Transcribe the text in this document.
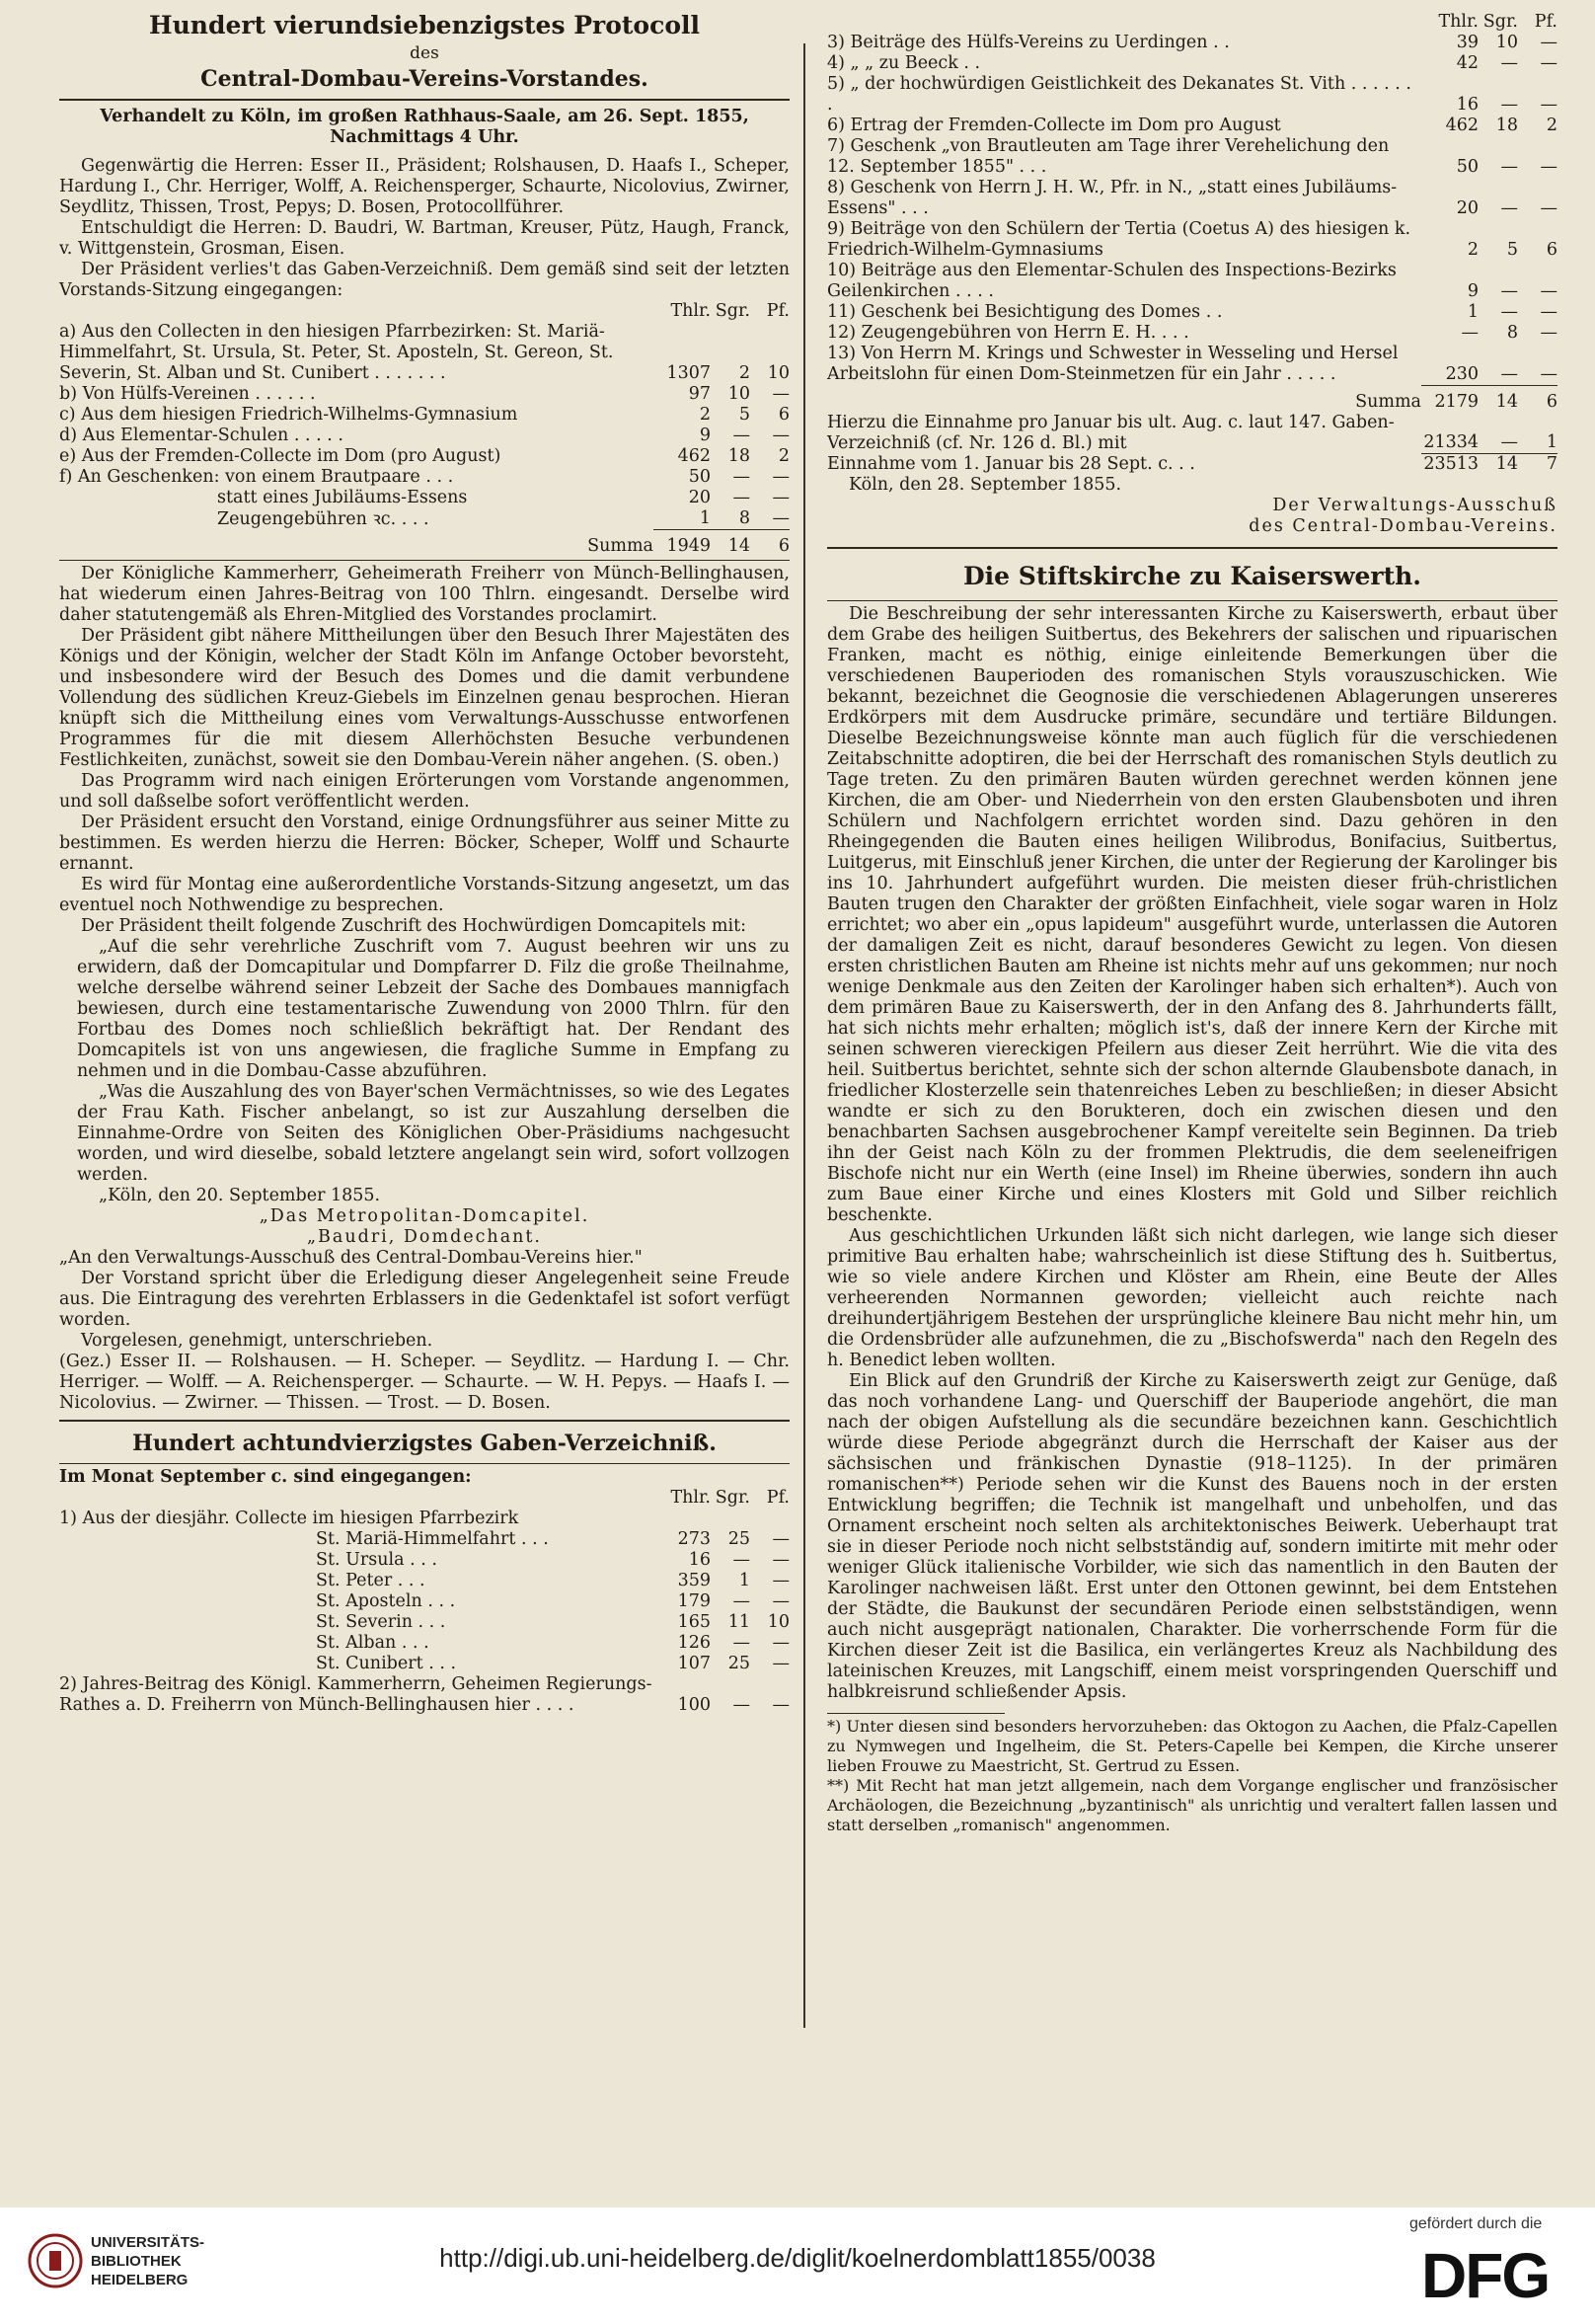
Hundert vierundsiebenzigstes Protocoll
des
Central-Dombau-Vereins-Vorstandes.
Verhandelt zu Köln, im großen Rathhaus-Saale, am 26. Sept. 1855,
Nachmittags 4 Uhr.

Gegenwärtig die Herren: Esser II., Präsident; Rolshausen, D. Haafs I., Scheper, Hardung I., Chr. Herriger, Wolff, A. Reichensperger, Schaurte, Nicolovius, Zwirner, Seydlitz, Thissen, Trost, Pepys; D. Bosen, Protocollführer.

Entschuldigt die Herren: D. Baudri, W. Bartman, Kreuser, Pütz, Haugh, Franck, v. Wittgenstein, Grosman, Eisen.

Der Präsident verlies't das Gaben-Verzeichniß. Dem gemäß sind seit der letzten Vorstands-Sitzung eingegangen:

	Thlr.	Sgr.	Pf.
a) Aus den Collecten in den hiesigen Pfarrbezirken: St. Mariä-Himmelfahrt, St. Ursula, St. Peter, St. Aposteln, St. Gereon, St. Severin, St. Alban und St. Cunibert . . . . . . .	1307	2	10
b) Von Hülfs-Vereinen . . . . . .	97	10	—
c) Aus dem hiesigen Friedrich-Wilhelms-Gymnasium	2	5	6
d) Aus Elementar-Schulen . . . . .	9	—	—
e) Aus der Fremden-Collecte im Dom (pro August)	462	18	2
f) An Geschenken: von einem Brautpaare . . .	50	—	—
statt eines Jubiläums-Essens	20	—	—
Zeugengebühren ꝛc. . . .	1	8	—
Summa	1949	14	6

Der Königliche Kammerherr, Geheimerath Freiherr von Münch-Bellinghausen, hat wiederum einen Jahres-Beitrag von 100 Thlrn. eingesandt. Derselbe wird daher statutengemäß als Ehren-Mitglied des Vorstandes proclamirt.

Der Präsident gibt nähere Mittheilungen über den Besuch Ihrer Majestäten des Königs und der Königin, welcher der Stadt Köln im Anfange October bevorsteht, und insbesondere wird der Besuch des Domes und die damit verbundene Vollendung des südlichen Kreuz-Giebels im Einzelnen genau besprochen. Hieran knüpft sich die Mittheilung eines vom Verwaltungs-Ausschusse entworfenen Programmes für die mit diesem Allerhöchsten Besuche verbundenen Festlichkeiten, zunächst, soweit sie den Dombau-Verein näher angehen. (S. oben.)

Das Programm wird nach einigen Erörterungen vom Vorstande angenommen, und soll daßselbe sofort veröffentlicht werden.

Der Präsident ersucht den Vorstand, einige Ordnungsführer aus seiner Mitte zu bestimmen. Es werden hierzu die Herren: Böcker, Scheper, Wolff und Schaurte ernannt.

Es wird für Montag eine außerordentliche Vorstands-Sitzung angesetzt, um das eventuel noch Nothwendige zu besprechen.

Der Präsident theilt folgende Zuschrift des Hochwürdigen Domcapitels mit:

„Auf die sehr verehrliche Zuschrift vom 7. August beehren wir uns zu erwidern, daß der Domcapitular und Dompfarrer D. Filz die große Theilnahme, welche derselbe während seiner Lebzeit der Sache des Dombaues mannigfach bewiesen, durch eine testamentarische Zuwendung von 2000 Thlrn. für den Fortbau des Domes noch schließlich bekräftigt hat. Der Rendant des Domcapitels ist von uns angewiesen, die fragliche Summe in Empfang zu nehmen und in die Dombau-Casse abzuführen.

„Was die Auszahlung des von Bayer'schen Vermächtnisses, so wie des Legates der Frau Kath. Fischer anbelangt, so ist zur Auszahlung derselben die Einnahme-Ordre von Seiten des Königlichen Ober-Präsidiums nachgesucht worden, und wird dieselbe, sobald letztere angelangt sein wird, sofort vollzogen werden.

„Köln, den 20. September 1855.

„Das Metropolitan-Domcapitel.
„Baudri, Domdechant.

„An den Verwaltungs-Ausschuß des Central-Dombau-Vereins hier."

Der Vorstand spricht über die Erledigung dieser Angelegenheit seine Freude aus. Die Eintragung des verehrten Erblassers in die Gedenktafel ist sofort verfügt worden.

Vorgelesen, genehmigt, unterschrieben.

(Gez.) Esser II. — Rolshausen. — H. Scheper. — Seydlitz. — Hardung I. — Chr. Herriger. — Wolff. — A. Reichensperger. — Schaurte. — W. H. Pepys. — Haafs I. — Nicolovius. — Zwirner. — Thissen. — Trost. — D. Bosen.

Hundert achtundvierzigstes Gaben-Verzeichniß.
Im Monat September c. sind eingegangen:
	Thlr.	Sgr.	Pf.
1) Aus der diesjähr. Collecte im hiesigen Pfarrbezirk			
St. Mariä-Himmelfahrt . . .	273	25	—
St. Ursula . . .	16	—	—
St. Peter . . .	359	1	—
St. Aposteln . . .	179	—	—
St. Severin . . .	165	11	10
St. Alban . . .	126	—	—
St. Cunibert . . .	107	25	—
2) Jahres-Beitrag des Königl. Kammerherrn, Geheimen Regierungs-Rathes a. D. Freiherrn von Münch-Bellinghausen hier . . . .	100	—	—
	Thlr.	Sgr.	Pf.
3) Beiträge des Hülfs-Vereins zu Uerdingen . .	39	10	—
4) „ „ zu Beeck . .	42	—	—
5) „ der hochwürdigen Geistlichkeit des Dekanates St. Vith . . . . . . .	16	—	—
6) Ertrag der Fremden-Collecte im Dom pro August	462	18	2
7) Geschenk „von Brautleuten am Tage ihrer Verehelichung den 12. September 1855" . . .	50	—	—
8) Geschenk von Herrn J. H. W., Pfr. in N., „statt eines Jubiläums-Essens" . . .	20	—	—
9) Beiträge von den Schülern der Tertia (Coetus A) des hiesigen k. Friedrich-Wilhelm-Gymnasiums	2	5	6
10) Beiträge aus den Elementar-Schulen des Inspections-Bezirks Geilenkirchen . . . .	9	—	—
11) Geschenk bei Besichtigung des Domes . .	1	—	—
12) Zeugengebühren von Herrn E. H. . . .	—	8	—
13) Von Herrn M. Krings und Schwester in Wesseling und Hersel Arbeitslohn für einen Dom-Steinmetzen für ein Jahr . . . . .	230	—	—
Summa	2179	14	6
Hierzu die Einnahme pro Januar bis ult. Aug. c. laut 147. Gaben-Verzeichniß (cf. Nr. 126 d. Bl.) mit	21334	—	1
Einnahme vom 1. Januar bis 28 Sept. c. . .	23513	14	7
Köln, den 28. September 1855.
Der Verwaltungs-Ausschuß
des Central-Dombau-Vereins.
Die Stiftskirche zu Kaiserswerth.

Die Beschreibung der sehr interessanten Kirche zu Kaiserswerth, erbaut über dem Grabe des heiligen Suitbertus, des Bekehrers der salischen und ripuarischen Franken, macht es nöthig, einige einleitende Bemerkungen über die verschiedenen Bauperioden des romanischen Styls vorauszuschicken. Wie bekannt, bezeichnet die Geognosie die verschiedenen Ablagerungen unsereres Erdkörpers mit dem Ausdrucke primäre, secundäre und tertiäre Bildungen. Dieselbe Bezeichnungsweise könnte man auch füglich für die verschiedenen Zeitabschnitte adoptiren, die bei der Herrschaft des romanischen Styls deutlich zu Tage treten. Zu den primären Bauten würden gerechnet werden können jene Kirchen, die am Ober- und Niederrhein von den ersten Glaubensboten und ihren Schülern und Nachfolgern errichtet worden sind. Dazu gehören in den Rheingegenden die Bauten eines heiligen Wilibrodus, Bonifacius, Suitbertus, Luitgerus, mit Einschluß jener Kirchen, die unter der Regierung der Karolinger bis ins 10. Jahrhundert aufgeführt wurden. Die meisten dieser früh-christlichen Bauten trugen den Charakter der größten Einfachheit, viele sogar waren in Holz errichtet; wo aber ein „opus lapideum" ausgeführt wurde, unterlassen die Autoren der damaligen Zeit es nicht, darauf besonderes Gewicht zu legen. Von diesen ersten christlichen Bauten am Rheine ist nichts mehr auf uns gekommen; nur noch wenige Denkmale aus den Zeiten der Karolinger haben sich erhalten*). Auch von dem primären Baue zu Kaiserswerth, der in den Anfang des 8. Jahrhunderts fällt, hat sich nichts mehr erhalten; möglich ist's, daß der innere Kern der Kirche mit seinen schweren viereckigen Pfeilern aus dieser Zeit herrührt. Wie die vita des heil. Suitbertus berichtet, sehnte sich der schon alternde Glaubensbote danach, in friedlicher Klosterzelle sein thatenreiches Leben zu beschließen; in dieser Absicht wandte er sich zu den Borukteren, doch ein zwischen diesen und den benachbarten Sachsen ausgebrochener Kampf vereitelte sein Beginnen. Da trieb ihn der Geist nach Köln zu der frommen Plektrudis, die dem seeleneifrigen Bischofe nicht nur ein Werth (eine Insel) im Rheine überwies, sondern ihn auch zum Baue einer Kirche und eines Klosters mit Gold und Silber reichlich beschenkte.

Aus geschichtlichen Urkunden läßt sich nicht darlegen, wie lange sich dieser primitive Bau erhalten habe; wahrscheinlich ist diese Stiftung des h. Suitbertus, wie so viele andere Kirchen und Klöster am Rhein, eine Beute der Alles verheerenden Normannen geworden; vielleicht auch reichte nach dreihundertjährigem Bestehen der ursprüngliche kleinere Bau nicht mehr hin, um die Ordensbrüder alle aufzunehmen, die zu „Bischofswerda" nach den Regeln des h. Benedict leben wollten.

Ein Blick auf den Grundriß der Kirche zu Kaiserswerth zeigt zur Genüge, daß das noch vorhandene Lang- und Querschiff der Bauperiode angehört, die man nach der obigen Aufstellung als die secundäre bezeichnen kann. Geschichtlich würde diese Periode abgegränzt durch die Herrschaft der Kaiser aus der sächsischen und fränkischen Dynastie (918–1125). In der primären romanischen**) Periode sehen wir die Kunst des Bauens noch in der ersten Entwicklung begriffen; die Technik ist mangelhaft und unbeholfen, und das Ornament erscheint noch selten als architektonisches Beiwerk. Ueberhaupt trat sie in dieser Periode noch nicht selbstständig auf, sondern imitirte mit mehr oder weniger Glück italienische Vorbilder, wie sich das namentlich in den Bauten der Karolinger nachweisen läßt. Erst unter den Ottonen gewinnt, bei dem Entstehen der Städte, die Baukunst der secundären Periode einen selbstständigen, wenn auch nicht ausgeprägt nationalen, Charakter. Die vorherrschende Form für die Kirchen dieser Zeit ist die Basilica, ein verlängertes Kreuz als Nachbildung des lateinischen Kreuzes, mit Langschiff, einem meist vorspringenden Querschiff und halbkreisrund schließender Apsis.

*) Unter diesen sind besonders hervorzuheben: das Oktogon zu Aachen, die Pfalz-Capellen zu Nymwegen und Ingelheim, die St. Peters-Capelle bei Kempen, die Kirche unserer lieben Frouwe zu Maestricht, St. Gertrud zu Essen.

**) Mit Recht hat man jetzt allgemein, nach dem Vorgange englischer und französischer Archäologen, die Bezeichnung „byzantinisch" als unrichtig und veraltert fallen lassen und statt derselben „romanisch" angenommen.

UNIVERSITÄTS-
BIBLIOTHEK
HEIDELBERG
http://digi.ub.uni-heidelberg.de/diglit/koelnerdomblatt1855/0038
gefördert durch die
DFG
